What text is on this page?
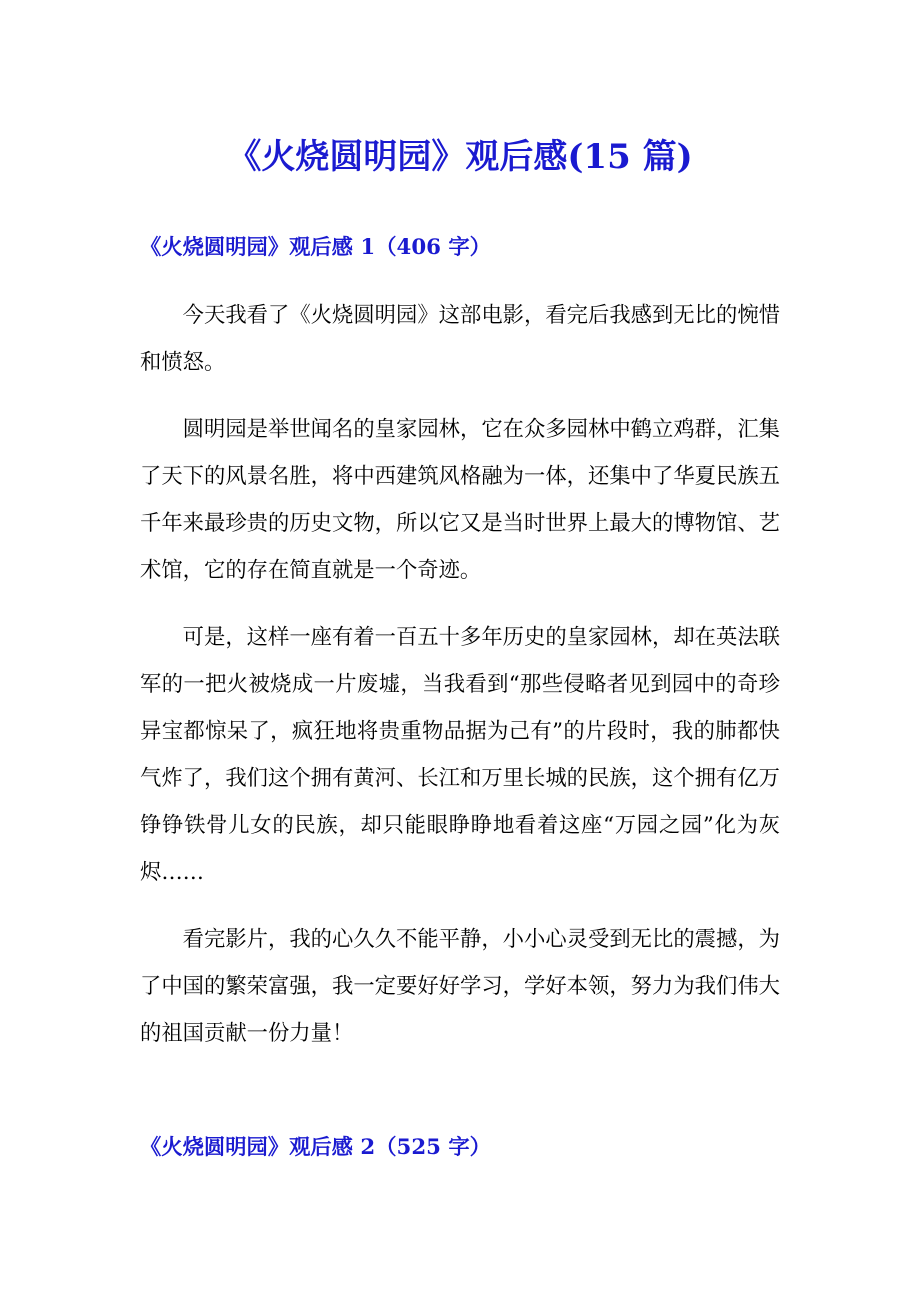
《火烧圆明园》观后感(15 篇)
《火烧圆明园》观后感 1（406 字）

今天我看了《火烧圆明园》这部电影，看完后我感到无比的惋惜和愤怒。

圆明园是举世闻名的皇家园林，它在众多园林中鹤立鸡群，汇集了天下的风景名胜，将中西建筑风格融为一体，还集中了华夏民族五千年来最珍贵的历史文物，所以它又是当时世界上最大的博物馆、艺术馆，它的存在简直就是一个奇迹。

可是，这样一座有着一百五十多年历史的皇家园林，却在英法联军的一把火被烧成一片废墟，当我看到“那些侵略者见到园中的奇珍异宝都惊呆了，疯狂地将贵重物品据为己有”的片段时，我的肺都快气炸了，我们这个拥有黄河、长江和万里长城的民族，这个拥有亿万铮铮铁骨儿女的民族，却只能眼睁睁地看着这座“万园之园”化为灰烬……

看完影片，我的心久久不能平静，小小心灵受到无比的震撼，为了中国的繁荣富强，我一定要好好学习，学好本领，努力为我们伟大的祖国贡献一份力量！

《火烧圆明园》观后感 2（525 字）
